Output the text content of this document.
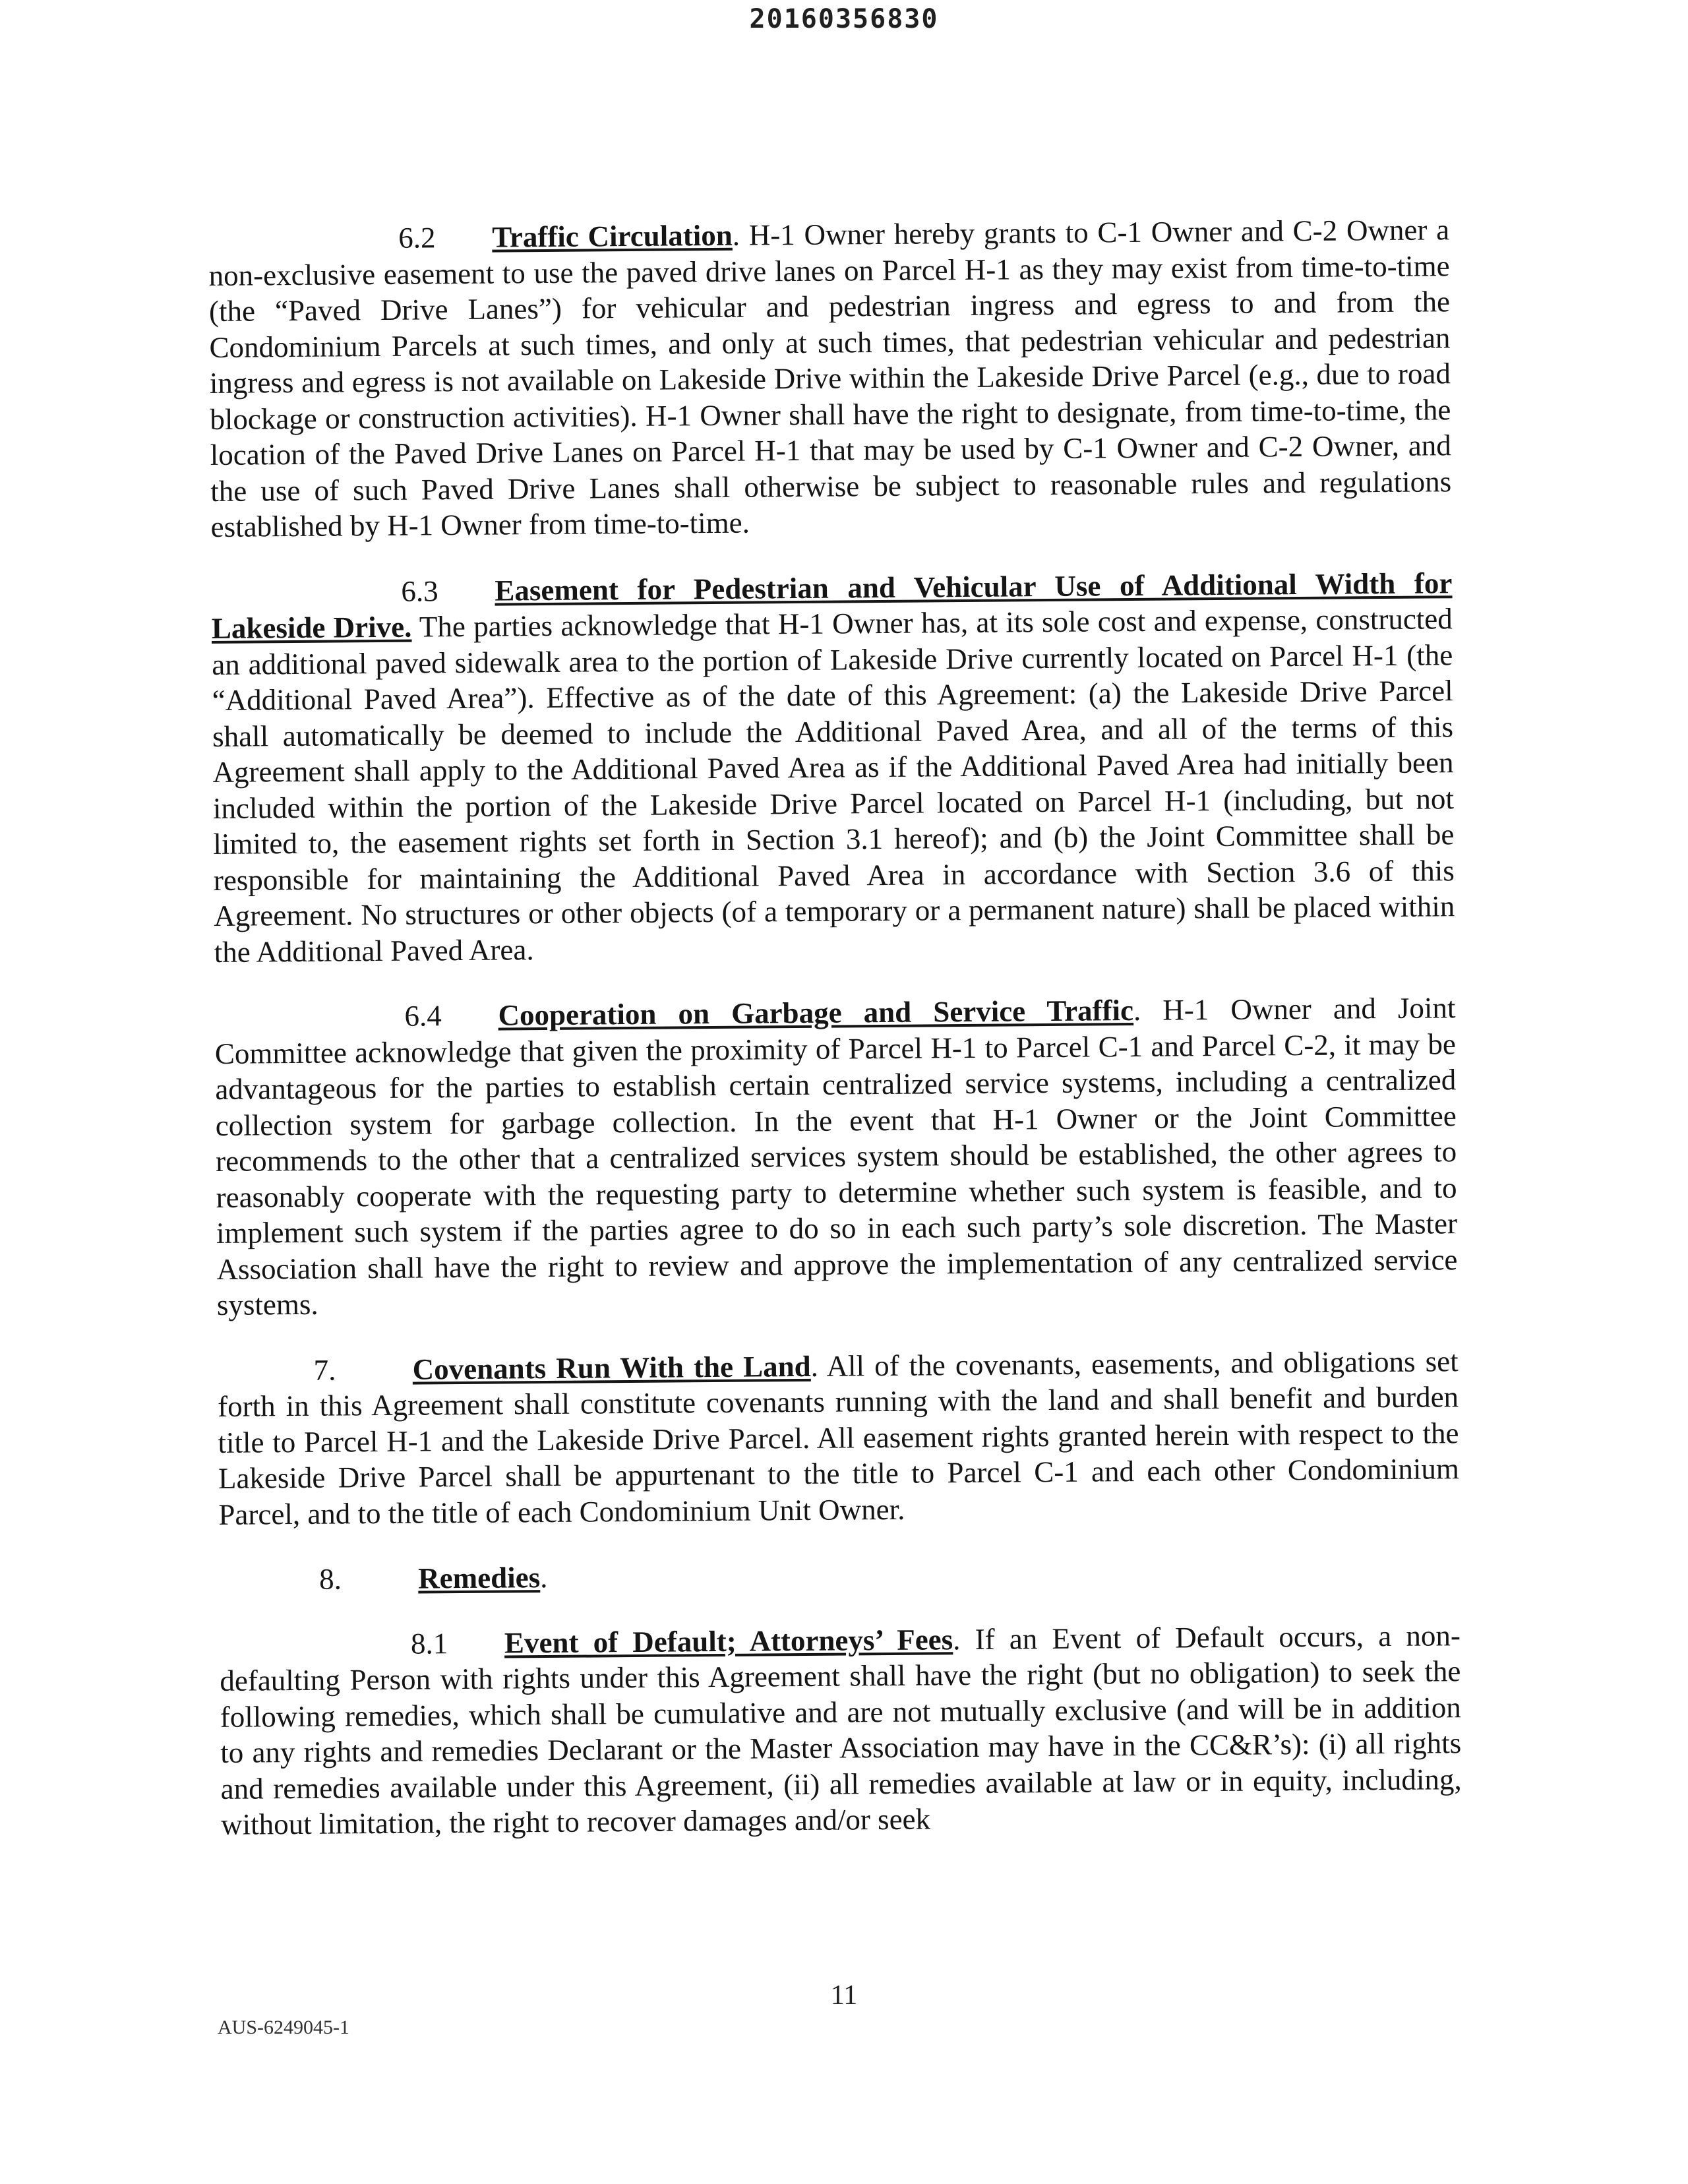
20160356830

6.2 Traffic Circulation. H-1 Owner hereby grants to C-1 Owner and C-2 Owner a non-exclusive easement to use the paved drive lanes on Parcel H-1 as they may exist from time-to-time (the “Paved Drive Lanes”) for vehicular and pedestrian ingress and egress to and from the Condominium Parcels at such times, and only at such times, that pedestrian vehicular and pedestrian ingress and egress is not available on Lakeside Drive within the Lakeside Drive Parcel (e.g., due to road blockage or construction activities). H-1 Owner shall have the right to designate, from time-to-time, the location of the Paved Drive Lanes on Parcel H-1 that may be used by C-1 Owner and C-2 Owner, and the use of such Paved Drive Lanes shall otherwise be subject to reasonable rules and regulations established by H-1 Owner from time-to-time.

6.3 Easement for Pedestrian and Vehicular Use of Additional Width for Lakeside Drive. The parties acknowledge that H-1 Owner has, at its sole cost and expense, constructed an additional paved sidewalk area to the portion of Lakeside Drive currently located on Parcel H-1 (the “Additional Paved Area”). Effective as of the date of this Agreement: (a) the Lakeside Drive Parcel shall automatically be deemed to include the Additional Paved Area, and all of the terms of this Agreement shall apply to the Additional Paved Area as if the Additional Paved Area had initially been included within the portion of the Lakeside Drive Parcel located on Parcel H-1 (including, but not limited to, the easement rights set forth in Section 3.1 hereof); and (b) the Joint Committee shall be responsible for maintaining the Additional Paved Area in accordance with Section 3.6 of this Agreement. No structures or other objects (of a temporary or a permanent nature) shall be placed within the Additional Paved Area.

6.4 Cooperation on Garbage and Service Traffic. H-1 Owner and Joint Committee acknowledge that given the proximity of Parcel H-1 to Parcel C-1 and Parcel C-2, it may be advantageous for the parties to establish certain centralized service systems, including a centralized collection system for garbage collection. In the event that H-1 Owner or the Joint Committee recommends to the other that a centralized services system should be established, the other agrees to reasonably cooperate with the requesting party to determine whether such system is feasible, and to implement such system if the parties agree to do so in each such party’s sole discretion. The Master Association shall have the right to review and approve the implementation of any centralized service systems.

7.	Covenants Run With the Land. All of the covenants, easements, and obligations set forth in this Agreement shall constitute covenants running with the land and shall benefit and burden title to Parcel H-1 and the Lakeside Drive Parcel. All easement rights granted herein with respect to the Lakeside Drive Parcel shall be appurtenant to the title to Parcel C-1 and each other Condominium Parcel, and to the title of each Condominium Unit Owner.

8.	Remedies.

8.1 Event of Default; Attorneys’ Fees. If an Event of Default occurs, a non-defaulting Person with rights under this Agreement shall have the right (but no obligation) to seek the following remedies, which shall be cumulative and are not mutually exclusive (and will be in addition to any rights and remedies Declarant or the Master Association may have in the CC&R’s): (i) all rights and remedies available under this Agreement, (ii) all remedies available at law or in equity, including, without limitation, the right to recover damages and/or seek

11
AUS-6249045-1
